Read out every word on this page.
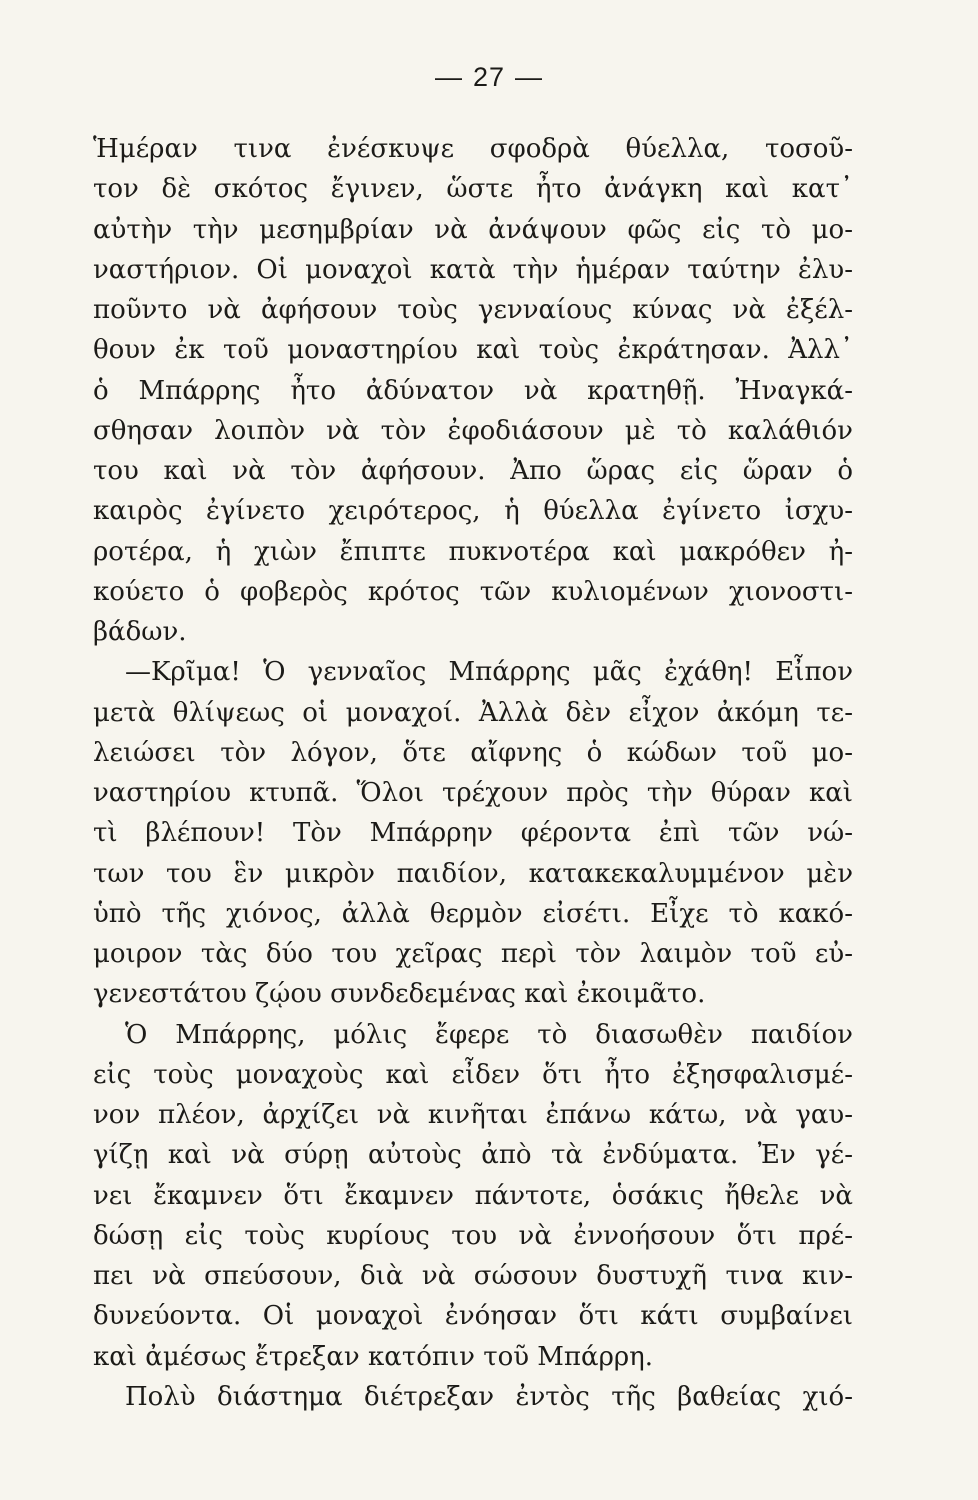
— 27 —
Ἡμέραν τινα ἐνέσκυψε σφοδρὰ θύελλα, τοσοῦ-
τον δὲ σκότος ἔγινεν, ὥστε ἦτο ἀνάγκη καὶ κατ᾿
αὐτὴν τὴν μεσημβρίαν νὰ ἀνάψουν φῶς εἰς τὸ μο-
ναστήριον. Οἱ μοναχοὶ κατὰ τὴν ἡμέραν ταύτην ἐλυ-
ποῦντο νὰ ἀφήσουν τοὺς γενναίους κύνας νὰ ἐξέλ-
θουν ἐκ τοῦ μοναστηρίου καὶ τοὺς ἐκράτησαν. Ἀλλ᾿
ὁ Μπάρρης ἦτο ἀδύνατον νὰ κρατηθῇ. Ἠναγκά-
σθησαν λοιπὸν νὰ τὸν ἐφοδιάσουν μὲ τὸ καλάθιόν
του καὶ νὰ τὸν ἀφήσουν. Ἀπο ὥρας εἰς ὥραν ὁ
καιρὸς ἐγίνετο χειρότερος, ἡ θύελλα ἐγίνετο ἰσχυ-
ροτέρα, ἡ χιὼν ἔπιπτε πυκνοτέρα καὶ μακρόθεν ἠ-
κούετο ὁ φοβερὸς κρότος τῶν κυλιομένων χιονοστι-
βάδων.
—Κρῖμα! Ὁ γενναῖος Μπάρρης μᾶς ἐχάθη! Εἶπον
μετὰ θλίψεως οἱ μοναχοί. Ἀλλὰ δὲν εἶχον ἀκόμη τε-
λειώσει τὸν λόγον, ὅτε αἴφνης ὁ κώδων τοῦ μο-
ναστηρίου κτυπᾶ. Ὅλοι τρέχουν πρὸς τὴν θύραν καὶ
τὶ βλέπουν! Τὸν Μπάρρην φέροντα ἐπὶ τῶν νώ-
των του ἓν μικρὸν παιδίον, κατακεκαλυμμένον μὲν
ὑπὸ τῆς χιόνος, ἀλλὰ θερμὸν εἰσέτι. Εἶχε τὸ κακό-
μοιρον τὰς δύο του χεῖρας περὶ τὸν λαιμὸν τοῦ εὐ-
γενεστάτου ζῴου συνδεδεμένας καὶ ἐκοιμᾶτο.
Ὁ Μπάρρης, μόλις ἔφερε τὸ διασωθὲν παιδίον
εἰς τοὺς μοναχοὺς καὶ εἶδεν ὅτι ἦτο ἐξησφαλισμέ-
νον πλέον, ἀρχίζει νὰ κινῆται ἐπάνω κάτω, νὰ γαυ-
γίζῃ καὶ νὰ σύρῃ αὐτοὺς ἀπὸ τὰ ἐνδύματα. Ἐν γέ-
νει ἔκαμνεν ὅτι ἔκαμνεν πάντοτε, ὁσάκις ἤθελε νὰ
δώσῃ εἰς τοὺς κυρίους του νὰ ἐννοήσουν ὅτι πρέ-
πει νὰ σπεύσουν, διὰ νὰ σώσουν δυστυχῆ τινα κιν-
δυνεύοντα. Οἱ μοναχοὶ ἐνόησαν ὅτι κάτι συμβαίνει
καὶ ἀμέσως ἔτρεξαν κατόπιν τοῦ Μπάρρη.
Πολὺ διάστημα διέτρεξαν ἐντὸς τῆς βαθείας χιό-
